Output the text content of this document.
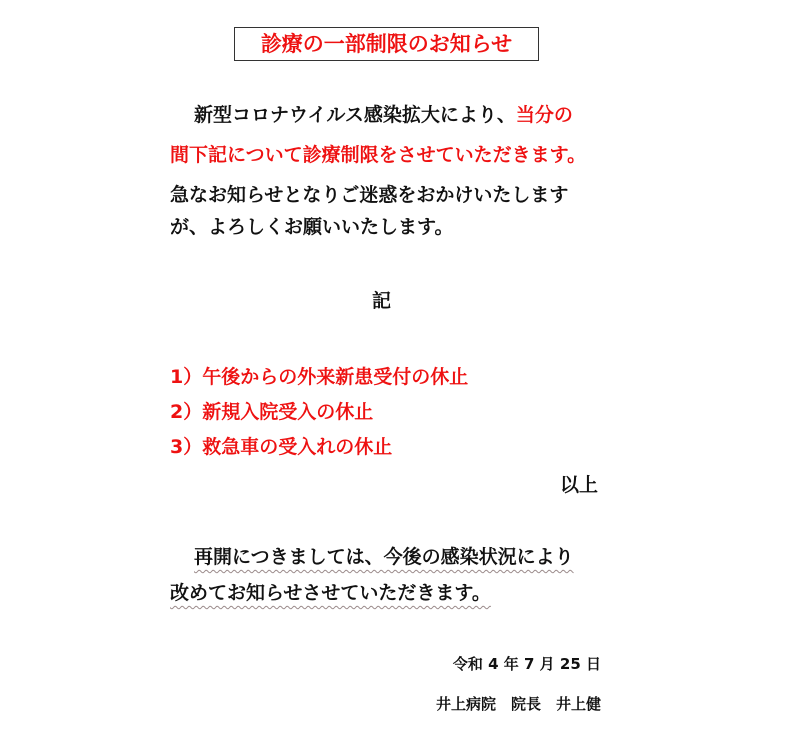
診療の一部制限のお知らせ
新型コロナウイルス感染拡大により、当分の
間下記について診療制限をさせていただきます。
急なお知らせとなりご迷惑をおかけいたします
が、よろしくお願いいたします。
記
1）午後からの外来新患受付の休止
2）新規入院受入の休止
3）救急車の受入れの休止
以上
再開につきましては、今後の感染状況により
改めてお知らせさせていただきます。
令和 4 年 7 月 25 日
井上病院　院長　井上健
